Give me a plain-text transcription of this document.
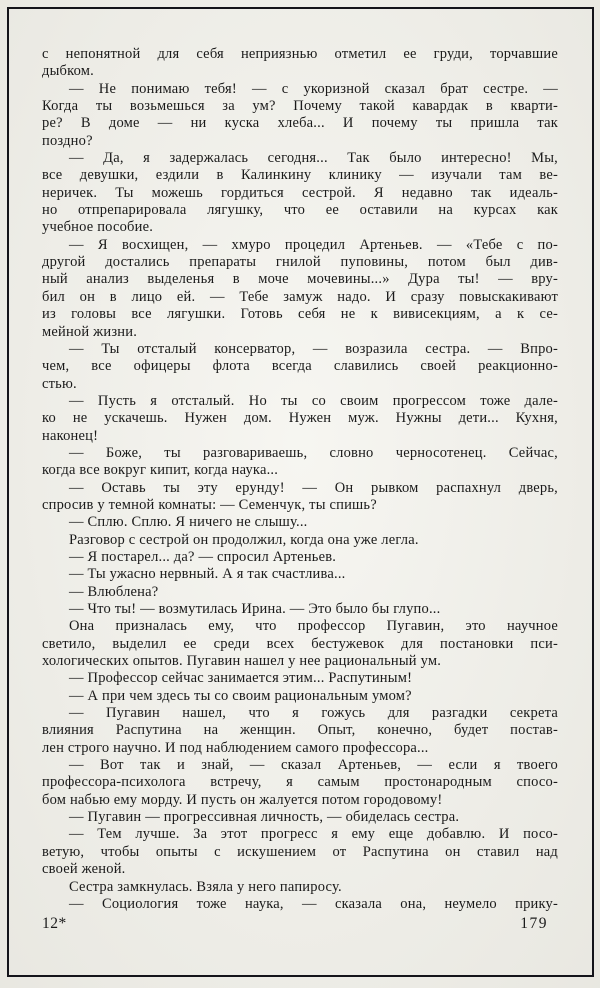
с непонятной для себя неприязнью отметил ее груди, торчавшие
дыбком.
— Не понимаю тебя! — с укоризной сказал брат сестре. —
Когда ты возьмешься за ум? Почему такой кавардак в кварти-
ре? В доме — ни куска хлеба... И почему ты пришла так
поздно?
— Да, я задержалась сегодня... Так было интересно! Мы,
все девушки, ездили в Калинкину клинику — изучали там ве-
неричек. Ты можешь гордиться сестрой. Я недавно так идеаль-
но отпрепарировала лягушку, что ее оставили на курсах как
учебное пособие.
— Я восхищен, — хмуро процедил Артеньев. — «Тебе с по-
другой достались препараты гнилой пуповины, потом был див-
ный анализ выделенья в моче мочевины...» Дура ты! — вру-
бил он в лицо ей. — Тебе замуж надо. И сразу повыскакивают
из головы все лягушки. Готовь себя не к вивисекциям, а к се-
мейной жизни.
— Ты отсталый консерватор, — возразила сестра. — Впро-
чем, все офицеры флота всегда славились своей реакционно-
стью.
— Пусть я отсталый. Но ты со своим прогрессом тоже дале-
ко не ускачешь. Нужен дом. Нужен муж. Нужны дети... Кухня,
наконец!
— Боже, ты разговариваешь, словно черносотенец. Сейчас,
когда все вокруг кипит, когда наука...
— Оставь ты эту ерунду! — Он рывком распахнул дверь,
спросив у темной комнаты: — Семенчук, ты спишь?
— Сплю. Сплю. Я ничего не слышу...
Разговор с сестрой он продолжил, когда она уже легла.
— Я постарел... да? — спросил Артеньев.
— Ты ужасно нервный. А я так счастлива...
— Влюблена?
— Что ты! — возмутилась Ирина. — Это было бы глупо...
Она призналась ему, что профессор Пугавин, это научное
светило, выделил ее среди всех бестужевок для постановки пси-
хологических опытов. Пугавин нашел у нее рациональный ум.
— Профессор сейчас занимается этим... Распутиным!
— А при чем здесь ты со своим рациональным умом?
— Пугавин нашел, что я гожусь для разгадки секрета
влияния Распутина на женщин. Опыт, конечно, будет постав-
лен строго научно. И под наблюдением самого профессора...
— Вот так и знай, — сказал Артеньев, — если я твоего
профессора-психолога встречу, я самым простонародным спосо-
бом набью ему морду. И пусть он жалуется потом городовому!
— Пугавин — прогрессивная личность, — обиделась сестра.
— Тем лучше. За этот прогресс я ему еще добавлю. И посо-
ветую, чтобы опыты с искушением от Распутина он ставил над
своей женой.
Сестра замкнулась. Взяла у него папиросу.
— Социология тоже наука, — сказала она, неумело прику-
12*	179
